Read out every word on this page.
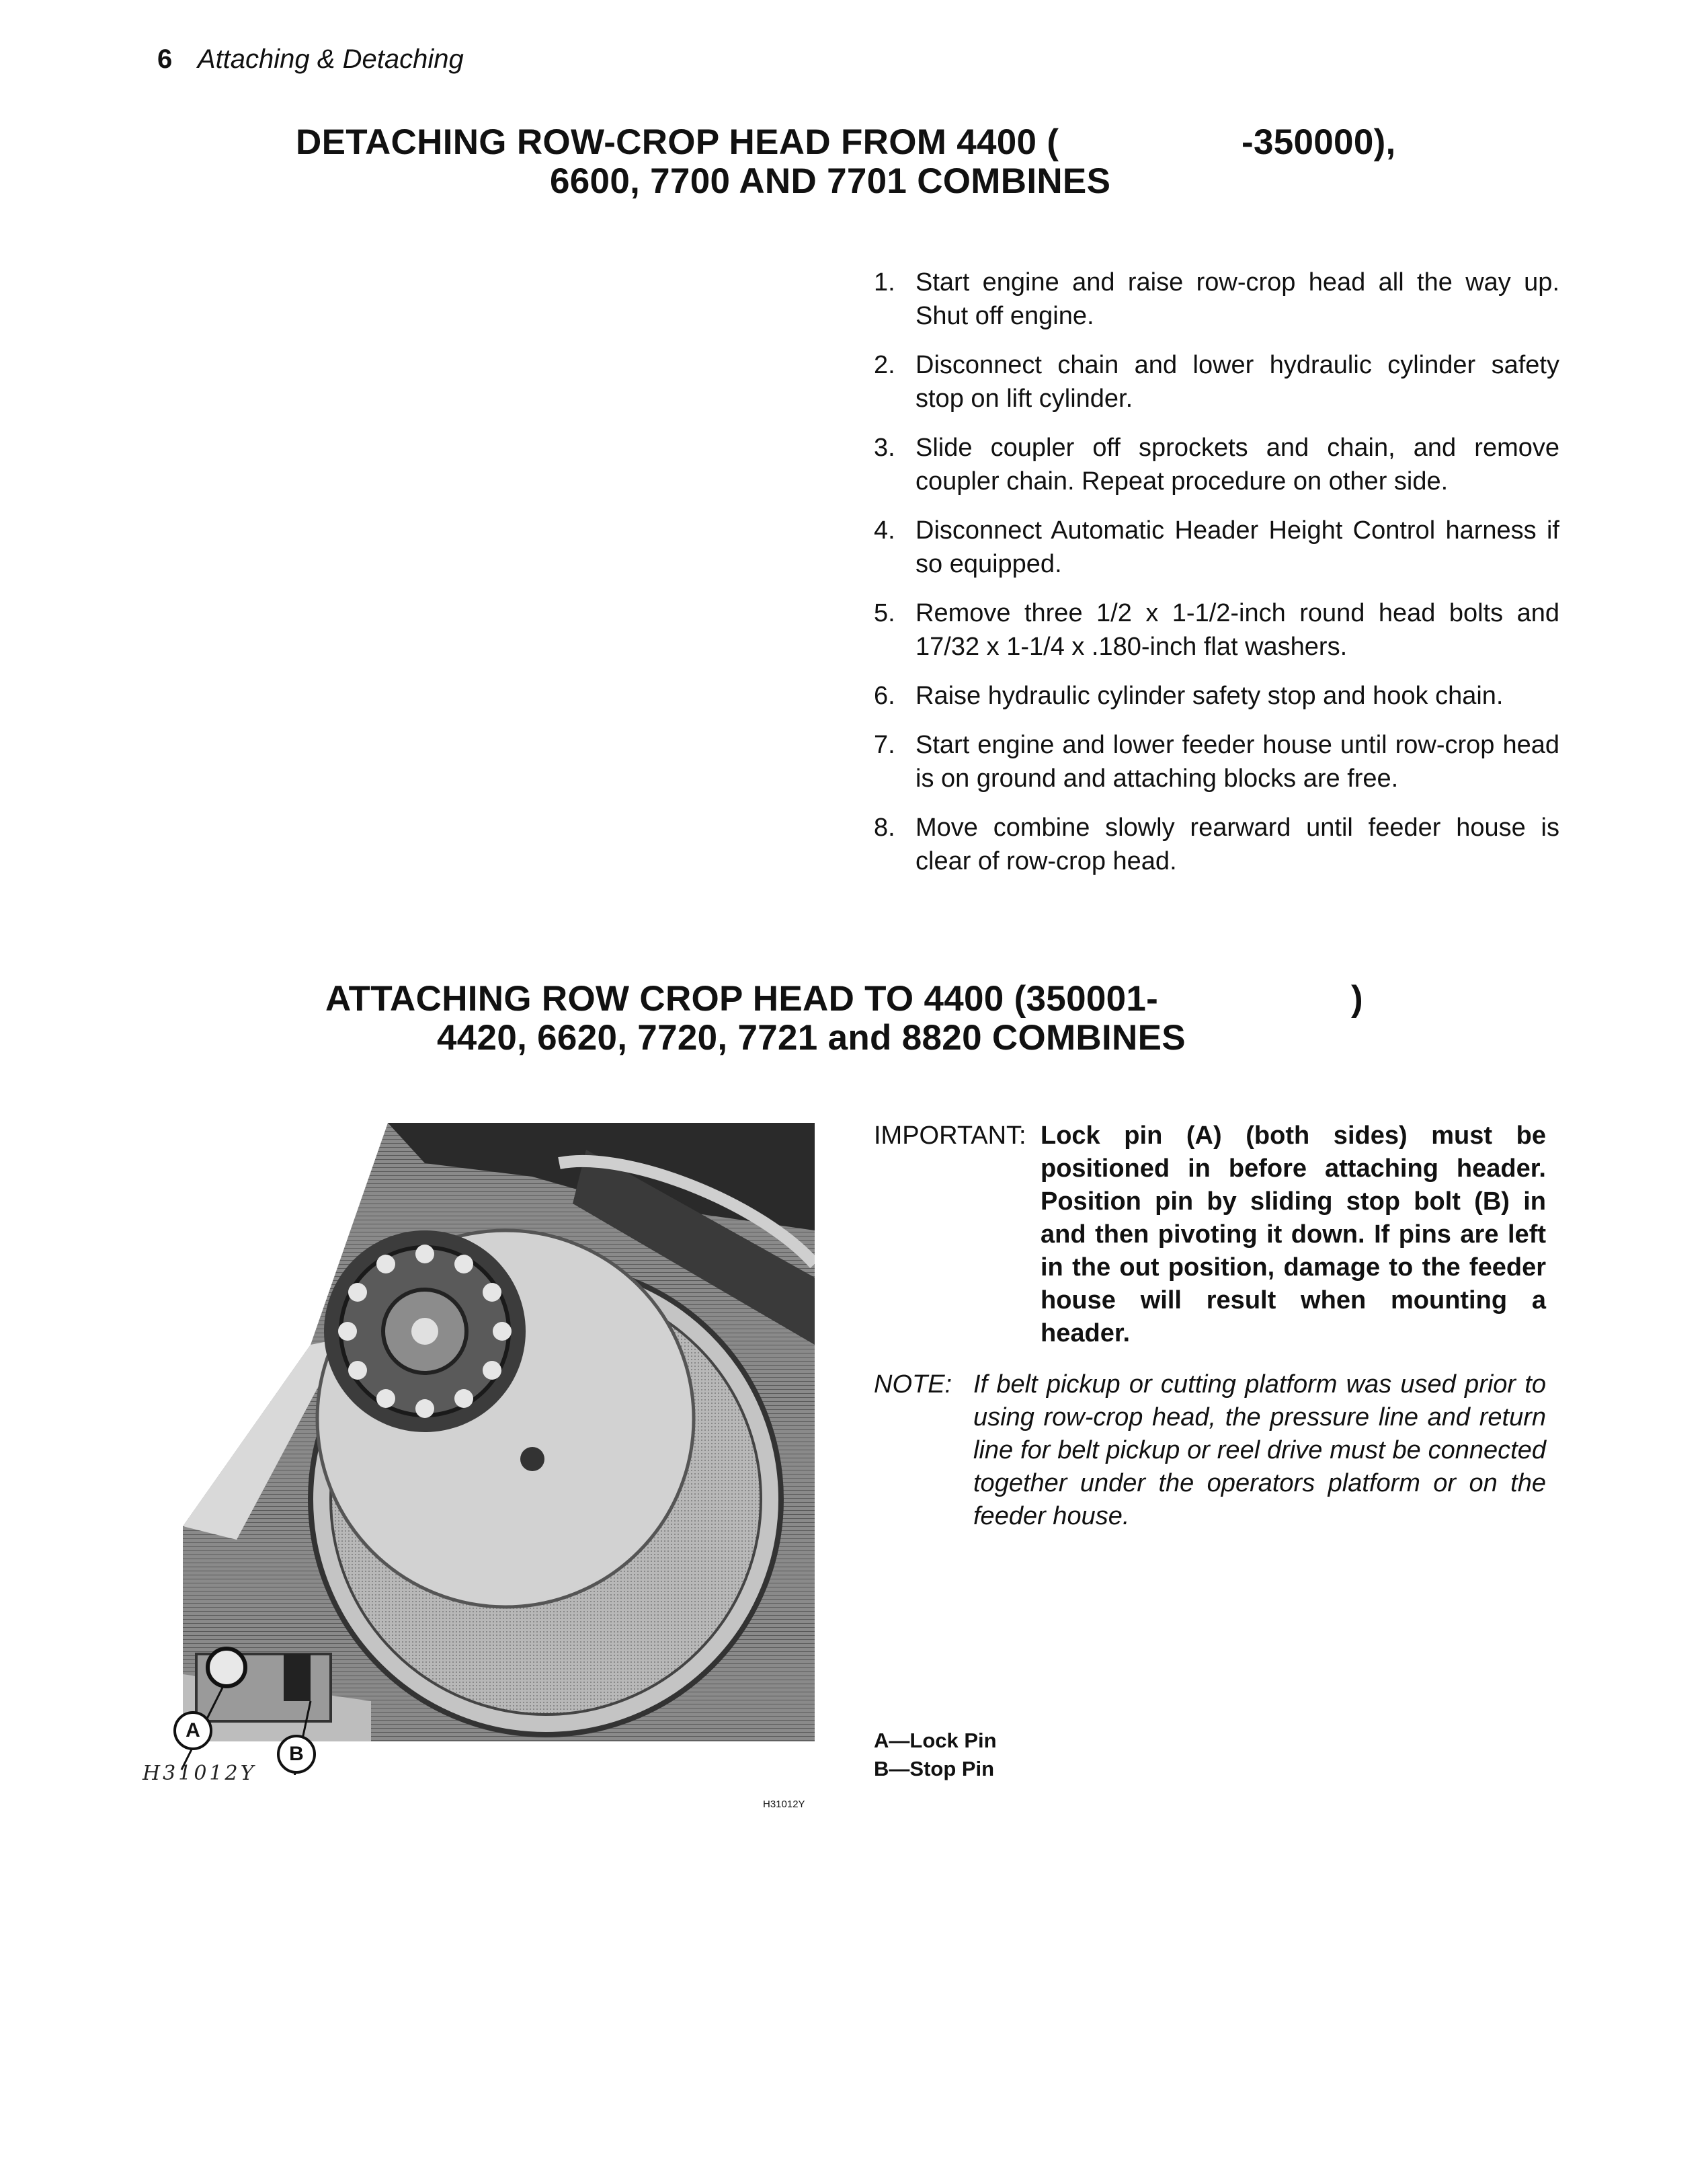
6 Attaching & Detaching
DETACHING ROW-CROP HEAD FROM 4400 (	-350000),
6600, 7700 AND 7701 COMBINES
1. Start engine and raise row-crop head all the way up. Shut off engine.
2. Disconnect chain and lower hydraulic cylinder safety stop on lift cylinder.
3. Slide coupler off sprockets and chain, and remove coupler chain. Repeat procedure on other side.
4. Disconnect Automatic Header Height Control harness if so equipped.
5. Remove three 1/2 x 1-1/2-inch round head bolts and 17/32 x 1-1/4 x .180-inch flat washers.
6. Raise hydraulic cylinder safety stop and hook chain.
7. Start engine and lower feeder house until row-crop head is on ground and attaching blocks are free.
8. Move combine slowly rearward until feeder house is clear of row-crop head.
ATTACHING ROW CROP HEAD TO 4400 (350001-	)
4420, 6620, 7720, 7721 and 8820 COMBINES
A
B
H31012Y
H31012Y
IMPORTANT: Lock pin (A) (both sides) must be positioned in before attaching header. Position pin by sliding stop bolt (B) in and then pivoting it down. If pins are left in the out position, damage to the feeder house will result when mounting a header.
NOTE: If belt pickup or cutting platform was used prior to using row-crop head, the pressure line and return line for belt pickup or reel drive must be connected together under the operators platform or on the feeder house.
A—Lock Pin
B—Stop Pin
